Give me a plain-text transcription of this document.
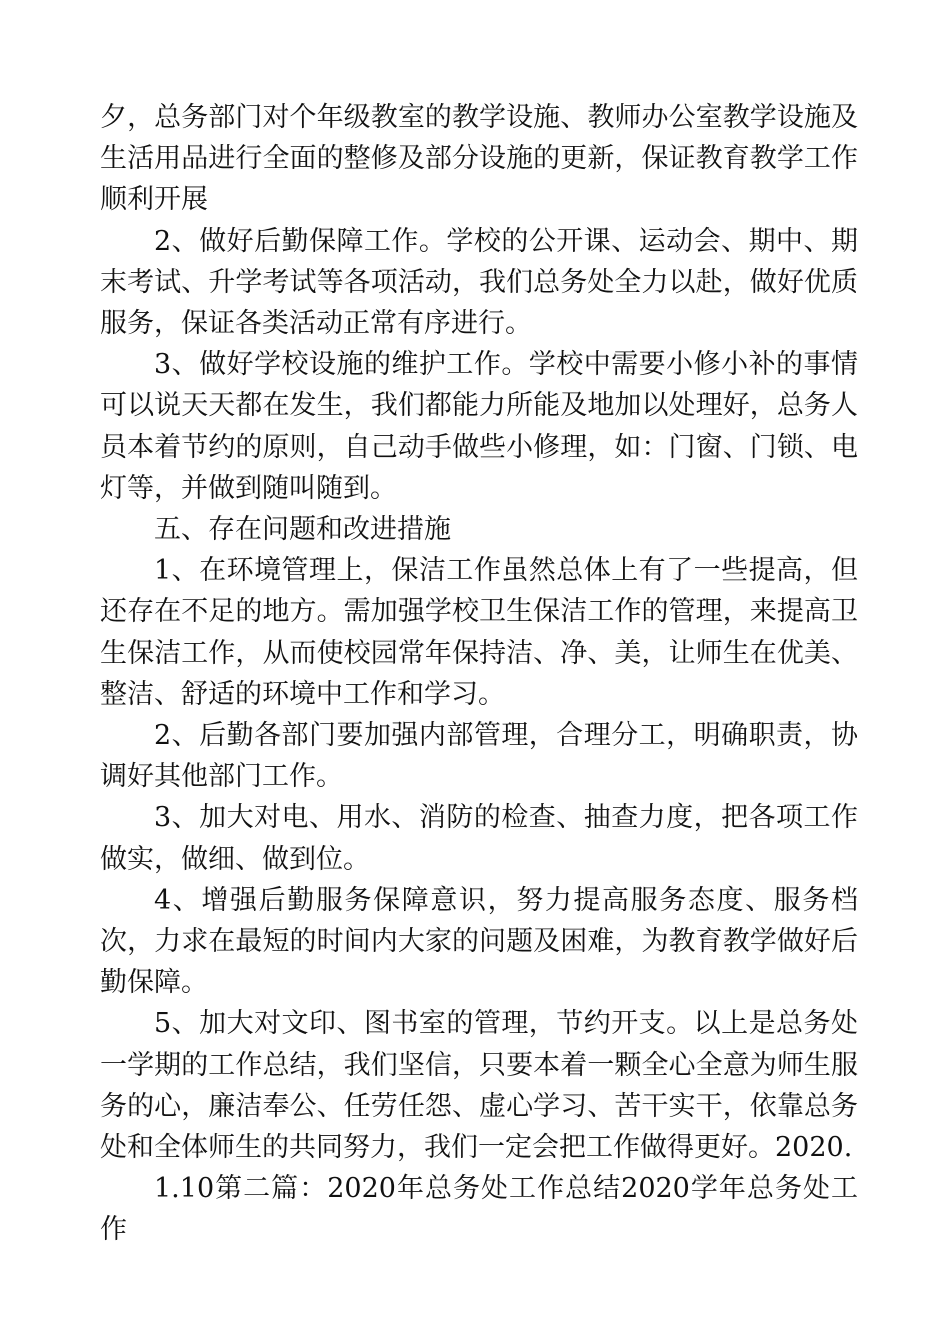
夕，总务部门对个年级教室的教学设施、教师办公室教学设施及生活用品进行全面的整修及部分设施的更新，保证教育教学工作顺利开展

2、做好后勤保障工作。学校的公开课、运动会、期中、期末考试、升学考试等各项活动，我们总务处全力以赴，做好优质服务，保证各类活动正常有序进行。

3、做好学校设施的维护工作。学校中需要小修小补的事情可以说天天都在发生，我们都能力所能及地加以处理好，总务人员本着节约的原则，自己动手做些小修理，如：门窗、门锁、电灯等，并做到随叫随到。

五、存在问题和改进措施

1、在环境管理上，保洁工作虽然总体上有了一些提高，但还存在不足的地方。需加强学校卫生保洁工作的管理，来提高卫生保洁工作，从而使校园常年保持洁、净、美，让师生在优美、整洁、舒适的环境中工作和学习。

2、后勤各部门要加强内部管理，合理分工，明确职责，协调好其他部门工作。

3、加大对电、用水、消防的检查、抽查力度，把各项工作做实，做细、做到位。

4、增强后勤服务保障意识，努力提高服务态度、服务档次，力求在最短的时间内大家的问题及困难，为教育教学做好后勤保障。

5、加大对文印、图书室的管理，节约开支。以上是总务处一学期的工作总结，我们坚信，只要本着一颗全心全意为师生服务的心，廉洁奉公、任劳任怨、虚心学习、苦干实干，依靠总务处和全体师生的共同努力，我们一定会把工作做得更好。2020.

1.10第二篇：2020年总务处工作总结2020学年总务处工作
